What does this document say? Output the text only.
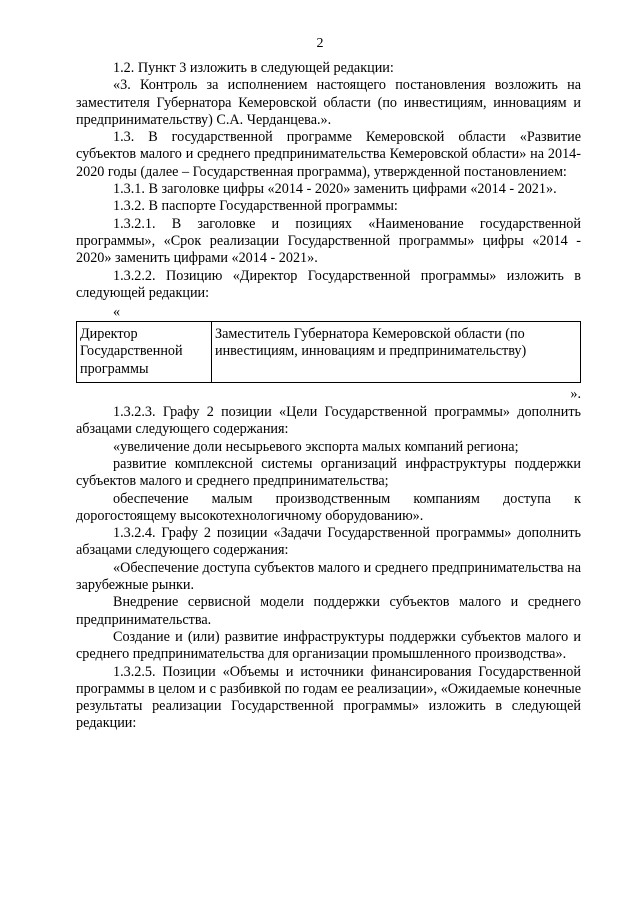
2

1.2. Пункт 3 изложить в следующей редакции:

«3. Контроль за исполнением настоящего постановления возложить на заместителя Губернатора Кемеровской области (по инвестициям, инновациям и предпринимательству) С.А. Черданцева.».

1.3. В государственной программе Кемеровской области «Развитие субъектов малого и среднего предпринимательства Кемеровской области» на 2014-2020 годы (далее – Государственная программа), утвержденной постановлением:

1.3.1. В заголовке цифры «2014 - 2020» заменить цифрами «2014 - 2021».

1.3.2. В паспорте Государственной программы:

1.3.2.1. В заголовке и позициях «Наименование государственной программы», «Срок реализации Государственной программы» цифры «2014 - 2020» заменить цифрами «2014 - 2021».

1.3.2.2. Позицию «Директор Государственной программы» изложить в следующей редакции:

«
Директор Государственной программы	Заместитель Губернатора Кемеровской области (по инвестициям, инновациям и предпринимательству)
».

1.3.2.3. Графу 2 позиции «Цели Государственной программы» дополнить абзацами следующего содержания:

«увеличение доли несырьевого экспорта малых компаний региона;

развитие комплексной системы организаций инфраструктуры поддержки субъектов малого и среднего предпринимательства;

обеспечение малым производственным компаниям доступа к дорогостоящему высокотехнологичному оборудованию».

1.3.2.4. Графу 2 позиции «Задачи Государственной программы» дополнить абзацами следующего содержания:

«Обеспечение доступа субъектов малого и среднего предпринимательства на зарубежные рынки.

Внедрение сервисной модели поддержки субъектов малого и среднего предпринимательства.

Создание и (или) развитие инфраструктуры поддержки субъектов малого и среднего предпринимательства для организации промышленного производства».

1.3.2.5. Позиции «Объемы и источники финансирования Государственной программы в целом и с разбивкой по годам ее реализации», «Ожидаемые конечные результаты реализации Государственной программы» изложить в следующей редакции:
